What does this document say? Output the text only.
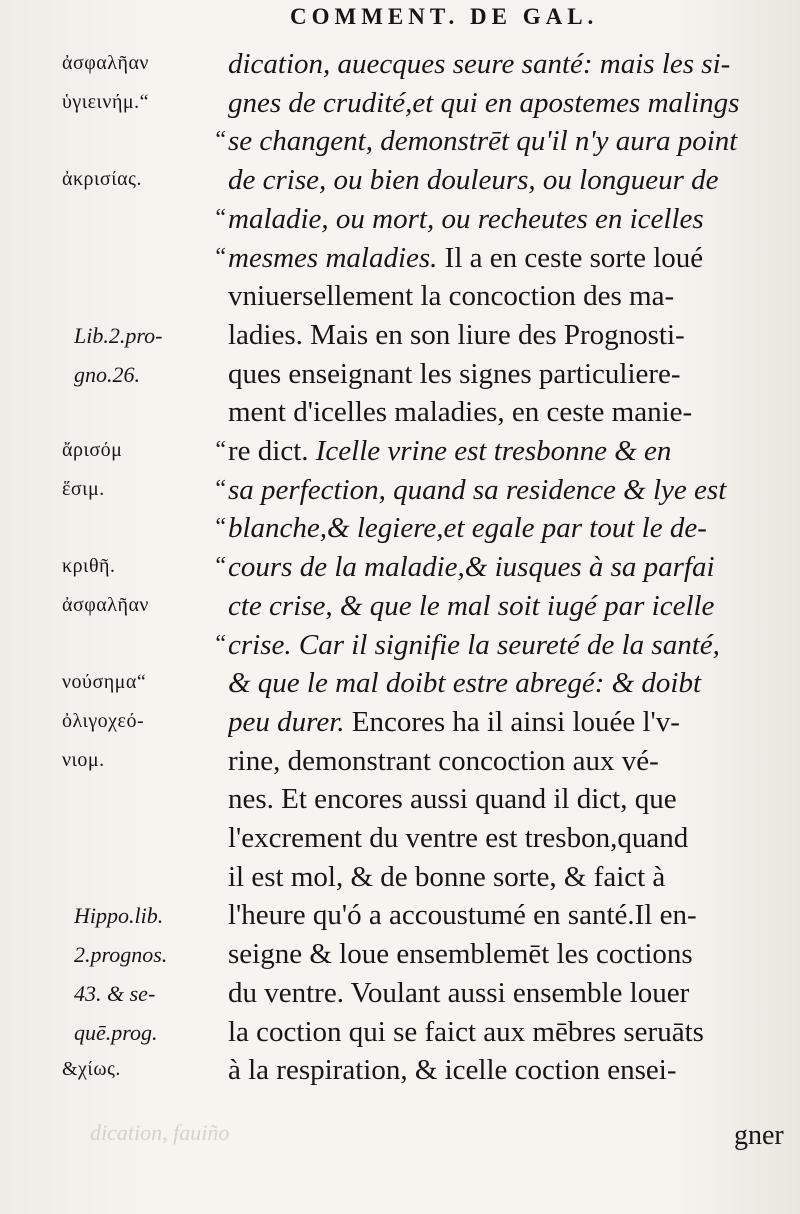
COMMENT. DE GAL.
dication, auecques seure santé: mais les si-
gnes de crudité,et qui en apostemes malings
se changent, demonstrēt qu'il n'y aura point
de crise, ou bien douleurs, ou longueur de
maladie, ou mort, ou recheutes en icelles
mesmes maladies. Il a en ceste sorte loué
vniuersellement la concoction des ma-
ladies. Mais en son liure des Prognosti-
ques enseignant les signes particuliere-
ment d'icelles maladies, en ceste manie-
re dict. Icelle vrine est tresbonne & en
sa perfection, quand sa residence & lye est
blanche,& legiere,et egale par tout le de-
cours de la maladie,& iusques à sa parfai
cte crise, & que le mal soit iugé par icelle
crise. Car il signifie la seureté de la santé,
& que le mal doibt estre abregé: & doibt
peu durer. Encores ha il ainsi louée l'v-
rine, demonstrant concoction aux vé-
nes. Et encores aussi quand il dict, que
l'excrement du ventre est tresbon,quand
il est mol, & de bonne sorte, & faict à
l'heure qu'ó a accoustumé en santé.Il en-
seigne & loue ensemblemēt les coctions
du ventre. Voulant aussi ensemble louer
la coction qui se faict aux mēbres seruāts
à la respiration, & icelle coction ensei-
ἀσφαλῆαν
ὑγιεινήμ.“
ἀκρισίας.
Lib.2.pro-
gno.26.
ἄρισόμ
ἕσιμ.
κριθῆ.
ἀσφαλῆαν
νούσημα“
ὀλιγοχεό-
νιομ.
Hippo.lib.
2.prognos.
43. & se-
quē.prog.
&χίως.
“
“
“
“
“
“
“
“
dication, fauiño	gner
